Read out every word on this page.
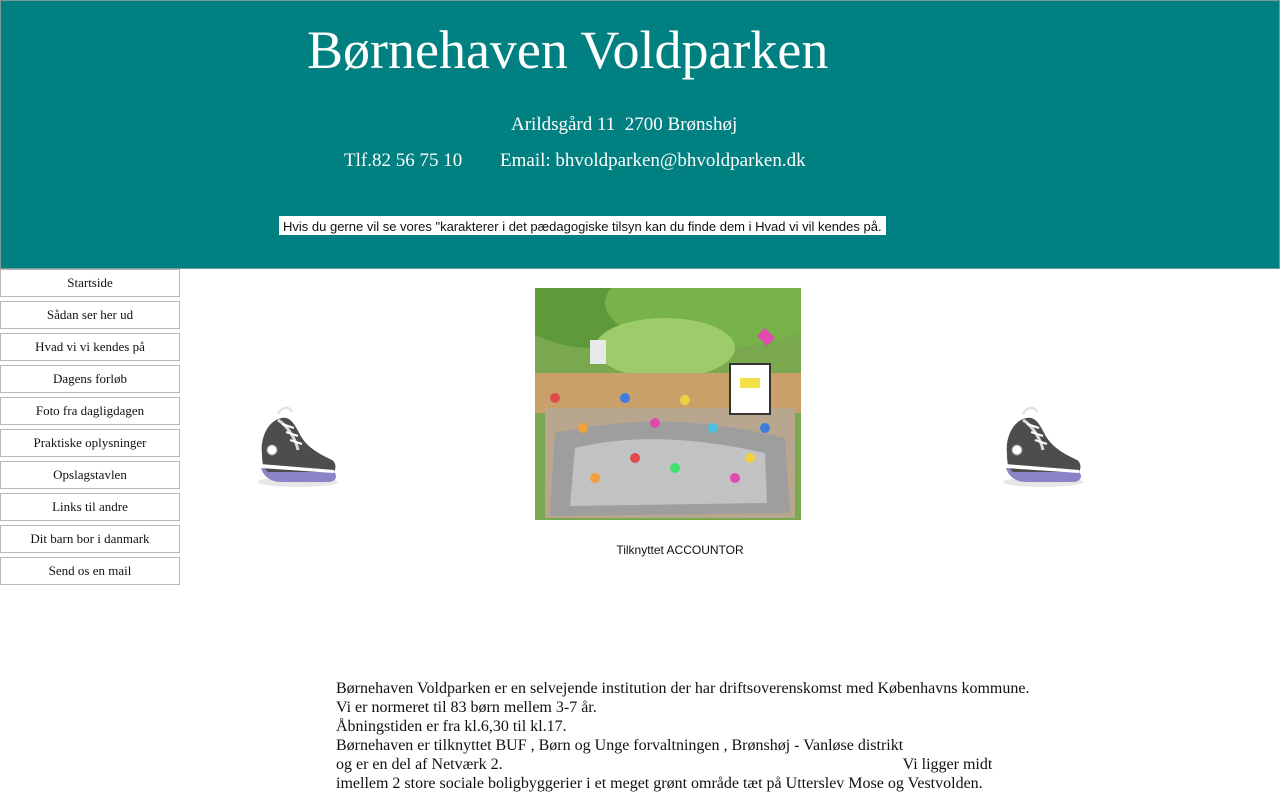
Børnehaven Voldparken
Arildsgård 11  2700 Brønshøj
Tlf.82 56 75 10 Email: bhvoldparken@bhvoldparken.dk
Hvis du gerne vil se vores "karakterer i det pædagogiske tilsyn kan du finde dem i Hvad vi vil kendes på.
Startside
Sådan ser her ud
Hvad vi vi kendes på
Dagens forløb
Foto fra dagligdagen
Praktiske oplysninger
Opslagstavlen
Links til andre
Dit barn bor i danmark
Send os en mail
Tilknyttet ACCOUNTOR

Børnehaven Voldparken er en selvejende institution der har driftsoverenskomst med Københavns kommune.

Vi er normeret til 83 børn mellem 3-7 år.

Åbningstiden er fra kl.6,30 til kl.17.

Børnehaven er tilknyttet BUF , Børn og Unge forvaltningen , Brønshøj - Vanløse distrikt

og er en del af Netværk 2.	Vi ligger midt

imellem 2 store sociale boligbyggerier i et meget grønt område tæt på Utterslev Mose og Vestvolden.
